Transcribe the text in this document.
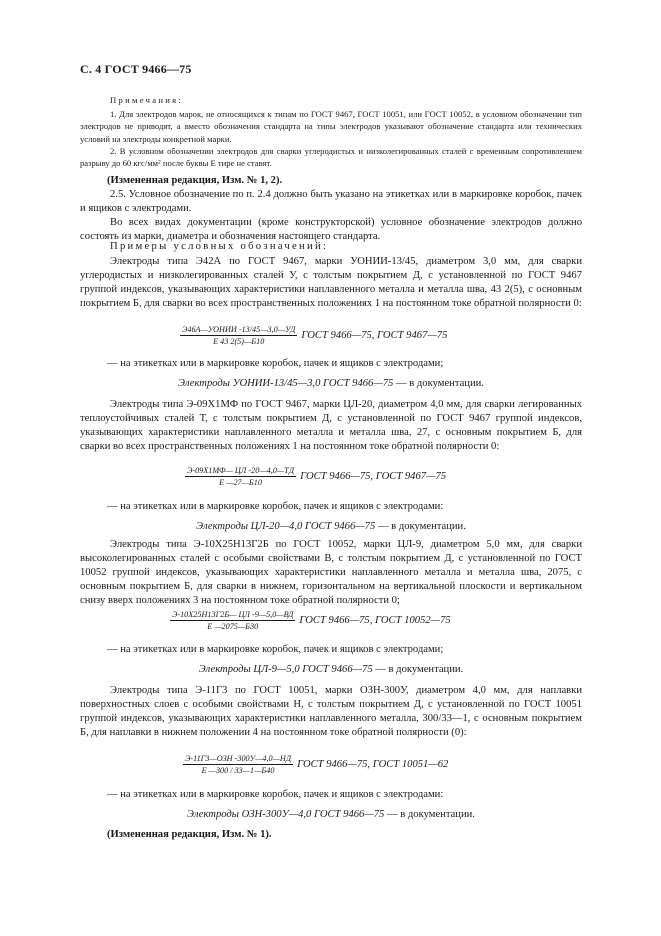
С. 4 ГОСТ 9466—75
Примечания:
1. Для электродов марок, не относящихся к типам по ГОСТ 9467, ГОСТ 10051, или ГОСТ 10052, в условном обозначении тип электродов не приводят, а вместо обозначения стандарта на типы электродов указывают обозначение стандарта или технических условий на электроды конкретной марки.
2. В условном обозначении электродов для сварки углеродистых и низколегированных сталей с временным сопротивлением разрыву до 60 кгс/мм² после буквы Е тире не ставят.
(Измененная редакция, Изм. № 1, 2).
2.5. Условное обозначение по п. 2.4 должно быть указано на этикетках или в маркировке коробок, пачек и ящиков с электродами.
Во всех видах документации (кроме конструкторской) условное обозначение электродов должно состоять из марки, диаметра и обозначения настоящего стандарта.
Примеры условных обозначений:
Электроды типа Э42А по ГОСТ 9467, марки УОНИИ-13/45, диаметром 3,0 мм, для сварки углеродистых и низколегированных сталей У, с толстым покрытием Д, с установленной по ГОСТ 9467 группой индексов, указывающих характеристики наплавленного металла и металла шва, 43 2(5), с основным покрытием Б, для сварки во всех пространственных положениях 1 на постоянном токе обратной полярности 0:
$\frac{\text{Э46А—УОНИИ -13/45—3,0—УД}}{Е 43 2(5)—Б10}$ ГОСТ 9466—75, ГОСТ 9467—75
— на этикетках или в маркировке коробок, пачек и ящиков с электродами;
Электроды УОНИИ-13/45—3,0 ГОСТ 9466—75 — в документации.
Электроды типа Э-09Х1МФ по ГОСТ 9467, марки ЦЛ-20, диаметром 4,0 мм, для сварки легированных теплоустойчивых сталей Т, с толстым покрытием Д, с установленной по ГОСТ 9467 группой индексов, указывающих характеристики наплавленного металла и металла шва, 27, с основным покрытием Б, для сварки во всех пространственных положениях 1 на постоянном токе обратной полярности 0:
$\frac{Э-09Х1МФ— ЦЛ -20—4,0—ТД}{Е —27—Б10}$ ГОСТ 9466—75, ГОСТ 9467—75
— на этикетках или в маркировке коробок, пачек и ящиков с электродами:
Электроды ЦЛ-20—4,0 ГОСТ 9466—75 — в документации.
Электроды типа Э-10Х25Н13Г2Б по ГОСТ 10052, марки ЦЛ-9, диаметром 5,0 мм, для сварки высоколегированных сталей с особыми свойствами В, с толстым покрытием Д, с установленной по ГОСТ 10052 группой индексов, указывающих характеристики наплавленного металла и металла шва, 2075, с основным покрытием Б, для сварки в нижнем, горизонтальном на вертикальной плоскости и вертикальном снизу вверх положениях 3 на постоянном токе обратной полярности 0;
$\frac{Э-10Х25Н13Г2Б— ЦЛ -9—5,0—ВД}{Е —2075—Б30}$ ГОСТ 9466—75, ГОСТ 10052—75
— на этикетках или в маркировке коробок, пачек и ящиков с электродами;
Электроды ЦЛ-9—5,0 ГОСТ 9466—75 — в документации.
Электроды типа Э-11Г3 по ГОСТ 10051, марки ОЗН-300У, диаметром 4,0 мм, для наплавки поверхностных слоев с особыми свойствами Н, с толстым покрытием Д, с установленной по ГОСТ 10051 группой индексов, указывающих характеристики наплавленного металла, 300/33—1, с основным покрытием Б, для наплавки в нижнем положении 4 на постоянном токе обратной полярности (0):
$\frac{\text{Э-11Г3—ОЗН -300У—4,0—НД}}{Е —300 / 33—1—Б40}$ ГОСТ 9466—75, ГОСТ 10051—62
— на этикетках или в маркировке коробок, пачек и ящиков с электродами:
Электроды ОЗН-300У—4,0 ГОСТ 9466—75 — в документации.
(Измененная редакция, Изм. № 1).
